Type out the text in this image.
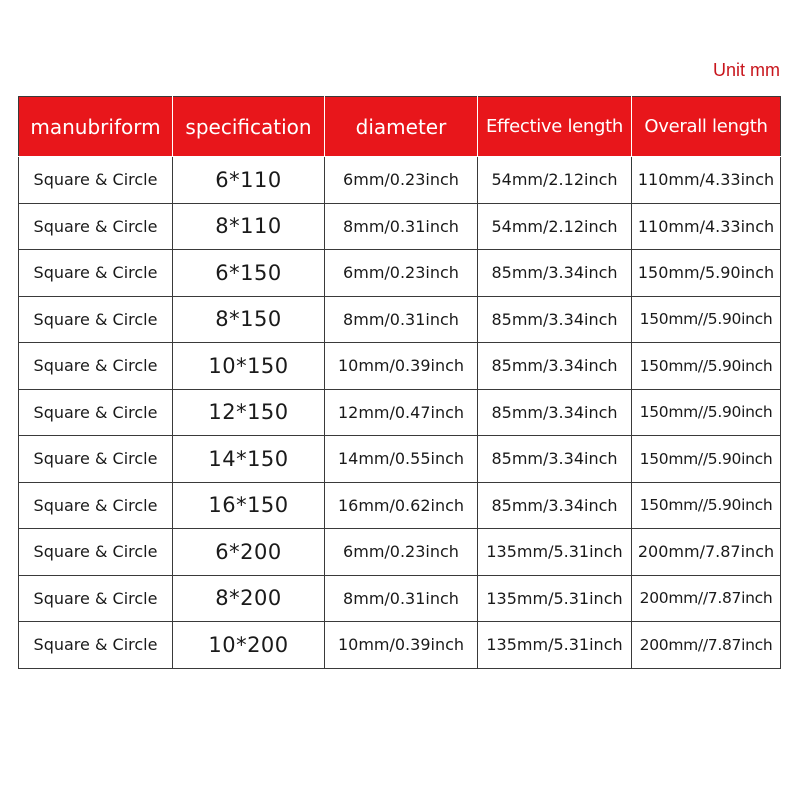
Unit mm
manubriform	specification	diameter	Effective length	Overall length
Square & Circle	6*110	6mm/0.23inch	54mm/2.12inch	110mm/4.33inch
Square & Circle	8*110	8mm/0.31inch	54mm/2.12inch	110mm/4.33inch
Square & Circle	6*150	6mm/0.23inch	85mm/3.34inch	150mm/5.90inch
Square & Circle	8*150	8mm/0.31inch	85mm/3.34inch	150mm//5.90inch
Square & Circle	10*150	10mm/0.39inch	85mm/3.34inch	150mm//5.90inch
Square & Circle	12*150	12mm/0.47inch	85mm/3.34inch	150mm//5.90inch
Square & Circle	14*150	14mm/0.55inch	85mm/3.34inch	150mm//5.90inch
Square & Circle	16*150	16mm/0.62inch	85mm/3.34inch	150mm//5.90inch
Square & Circle	6*200	6mm/0.23inch	135mm/5.31inch	200mm/7.87inch
Square & Circle	8*200	8mm/0.31inch	135mm/5.31inch	200mm//7.87inch
Square & Circle	10*200	10mm/0.39inch	135mm/5.31inch	200mm//7.87inch
